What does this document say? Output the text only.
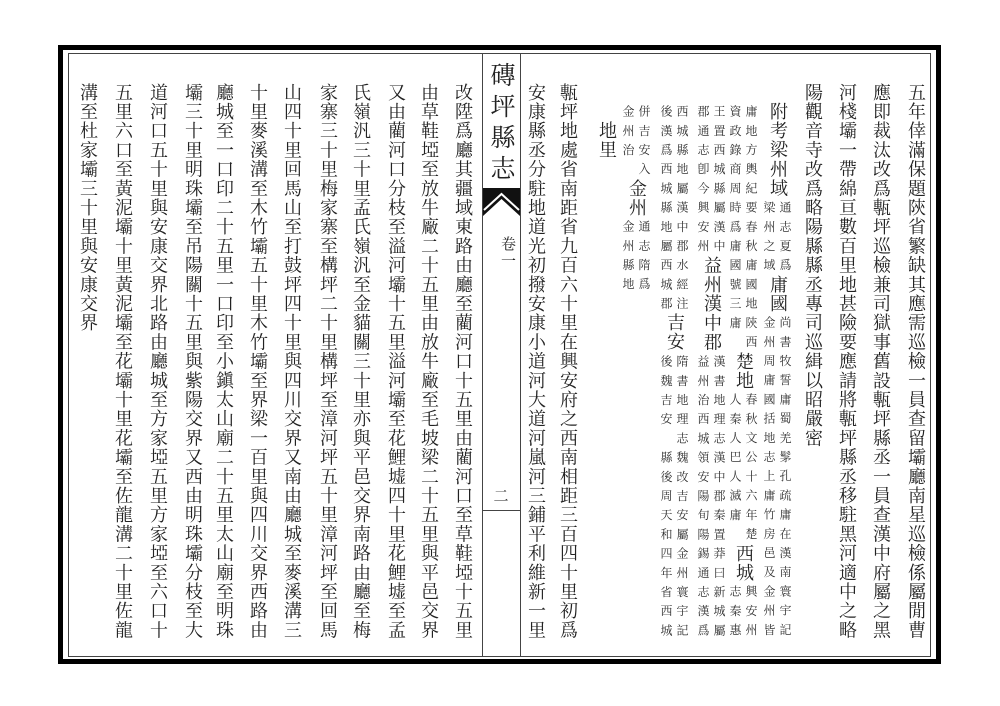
磚坪縣志
卷一
二	五年倖滿保題陝省繁缺其應需巡檢一員查留壩廳南星巡檢係屬閒曹
應即裁汰改爲甎坪巡檢兼司獄事舊設甎坪縣丞一員查漢中府屬之黑
河棧壩一帶綿亘數百里地甚險要應請將甎坪縣丞移駐黑河適中之略
陽觀音寺改爲略陽縣縣丞專司巡緝以昭嚴密
附考梁州域
通志夏爲
梁州之域
庸國
尚書牧誓庸蜀羌髳孔疏庸在漢南寰宇記
金州周庸國括地志上庸竹房邑及金州皆
庸地方輿紀要春秋庸國地陝西
資政錄商周時爲庸國號三庸
楚地
春秋文公十六年楚
人秦人巴人滅庸
西城
興安州
志秦惠
王置西城縣屬漢中
郡通志卽今興安州
益州漢中郡
漢書地理志漢中郡秦置莽曰新城屬
益州治西城領安陽旬陽錫通志漢爲
西城縣地屬漢中郡水經注
後漢爲西城縣地屬西城郡
吉安
隋書地理志魏改吉安屬金州寰宇記
後魏吉安　縣後周天和四年省西城
併吉安入
金州治
金州
通志隋爲
金州縣地
地里
甎坪地處省南距省九百六十里在興安府之西南相距三百四十里初爲
安康縣丞分駐地道光初撥安康小道河大道河嵐河三鋪平利維新一里
改陞爲廳其疆域東路由廳至藺河口十五里由藺河口至草鞋埡十五里
由草鞋埡至放牛廠二十五里由放牛廠至毛坡梁二十五里與平邑交界
又由藺河口分枝至溢河壩十五里溢河壩至花鯉墟四十里花鯉墟至孟
氏嶺汎三十里孟氏嶺汎至金貓關三十里亦與平邑交界南路由廳至梅
家寨三十里梅家寨至構坪二十里構坪至漳河坪五十里漳河坪至回馬
山四十里回馬山至打鼓坪四十里與四川交界又南由廳城至麥溪溝三
十里麥溪溝至木竹壩五十里木竹壩至界梁一百里與四川交界西路由
廳城至一口印二十五里一口印至小鎭太山廟二十五里太山廟至明珠
壩三十里明珠壩至吊陽關十五里與紫陽交界又西由明珠壩分枝至大
道河口五十里與安康交界北路由廳城至方家埡五里方家埡至六口十
五里六口至黃泥壩十里黃泥壩至花壩十里花壩至佐龍溝二十里佐龍
溝至杜家壩三十里與安康交界
